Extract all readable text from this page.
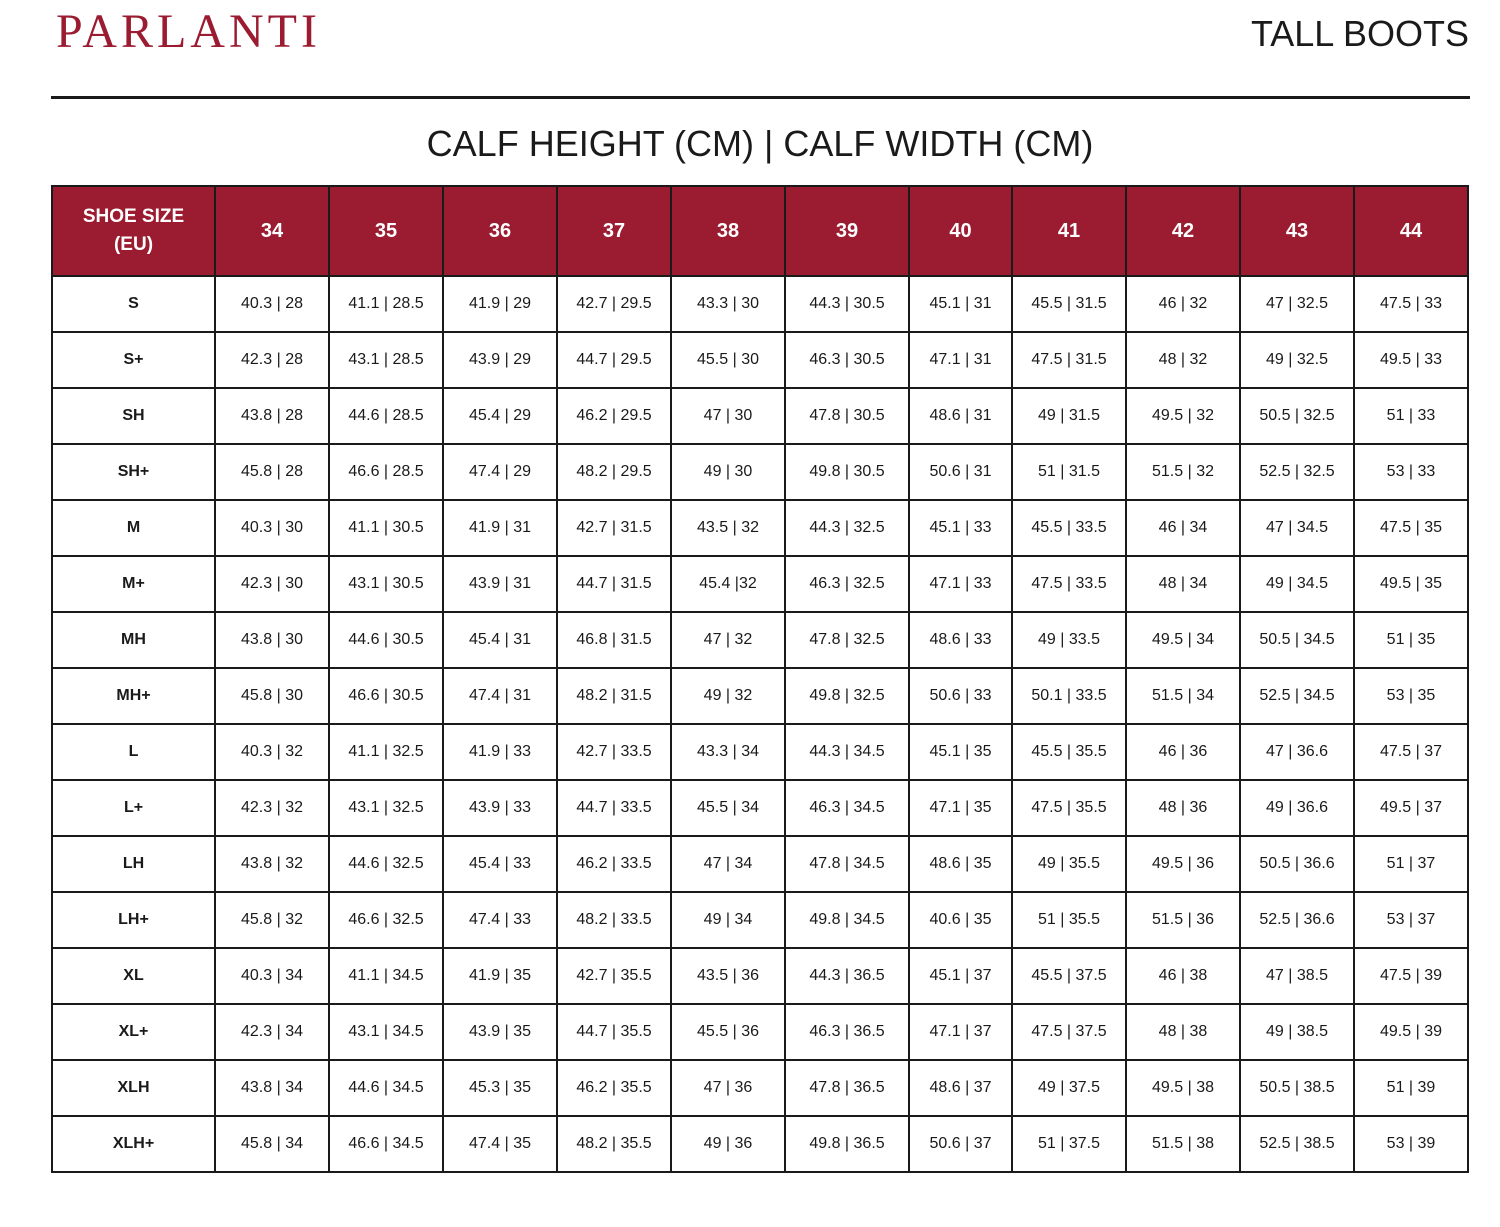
PARLANTI	TALL BOOTS
CALF HEIGHT (CM) | CALF WIDTH (CM)
SHOE SIZE
(EU)	34	35	36	37	38	39	40	41	42	43	44
S	40.3 | 28	41.1 | 28.5	41.9 | 29	42.7 | 29.5	43.3 | 30	44.3 | 30.5	45.1 | 31	45.5 | 31.5	46 | 32	47 | 32.5	47.5 | 33
S+	42.3 | 28	43.1 | 28.5	43.9 | 29	44.7 | 29.5	45.5 | 30	46.3 | 30.5	47.1 | 31	47.5 | 31.5	48 | 32	49 | 32.5	49.5 | 33
SH	43.8 | 28	44.6 | 28.5	45.4 | 29	46.2 | 29.5	47 | 30	47.8 | 30.5	48.6 | 31	49 | 31.5	49.5 | 32	50.5 | 32.5	51 | 33
SH+	45.8 | 28	46.6 | 28.5	47.4 | 29	48.2 | 29.5	49 | 30	49.8 | 30.5	50.6 | 31	51 | 31.5	51.5 | 32	52.5 | 32.5	53 | 33
M	40.3 | 30	41.1 | 30.5	41.9 | 31	42.7 | 31.5	43.5 | 32	44.3 | 32.5	45.1 | 33	45.5 | 33.5	46 | 34	47 | 34.5	47.5 | 35
M+	42.3 | 30	43.1 | 30.5	43.9 | 31	44.7 | 31.5	45.4 |32	46.3 | 32.5	47.1 | 33	47.5 | 33.5	48 | 34	49 | 34.5	49.5 | 35
MH	43.8 | 30	44.6 | 30.5	45.4 | 31	46.8 | 31.5	47 | 32	47.8 | 32.5	48.6 | 33	49 | 33.5	49.5 | 34	50.5 | 34.5	51 | 35
MH+	45.8 | 30	46.6 | 30.5	47.4 | 31	48.2 | 31.5	49 | 32	49.8 | 32.5	50.6 | 33	50.1 | 33.5	51.5 | 34	52.5 | 34.5	53 | 35
L	40.3 | 32	41.1 | 32.5	41.9 | 33	42.7 | 33.5	43.3 | 34	44.3 | 34.5	45.1 | 35	45.5 | 35.5	46 | 36	47 | 36.6	47.5 | 37
L+	42.3 | 32	43.1 | 32.5	43.9 | 33	44.7 | 33.5	45.5 | 34	46.3 | 34.5	47.1 | 35	47.5 | 35.5	48 | 36	49 | 36.6	49.5 | 37
LH	43.8 | 32	44.6 | 32.5	45.4 | 33	46.2 | 33.5	47 | 34	47.8 | 34.5	48.6 | 35	49 | 35.5	49.5 | 36	50.5 | 36.6	51 | 37
LH+	45.8 | 32	46.6 | 32.5	47.4 | 33	48.2 | 33.5	49 | 34	49.8 | 34.5	40.6 | 35	51 | 35.5	51.5 | 36	52.5 | 36.6	53 | 37
XL	40.3 | 34	41.1 | 34.5	41.9 | 35	42.7 | 35.5	43.5 | 36	44.3 | 36.5	45.1 | 37	45.5 | 37.5	46 | 38	47 | 38.5	47.5 | 39
XL+	42.3 | 34	43.1 | 34.5	43.9 | 35	44.7 | 35.5	45.5 | 36	46.3 | 36.5	47.1 | 37	47.5 | 37.5	48 | 38	49 | 38.5	49.5 | 39
XLH	43.8 | 34	44.6 | 34.5	45.3 | 35	46.2 | 35.5	47 | 36	47.8 | 36.5	48.6 | 37	49 | 37.5	49.5 | 38	50.5 | 38.5	51 | 39
XLH+	45.8 | 34	46.6 | 34.5	47.4 | 35	48.2 | 35.5	49 | 36	49.8 | 36.5	50.6 | 37	51 | 37.5	51.5 | 38	52.5 | 38.5	53 | 39
